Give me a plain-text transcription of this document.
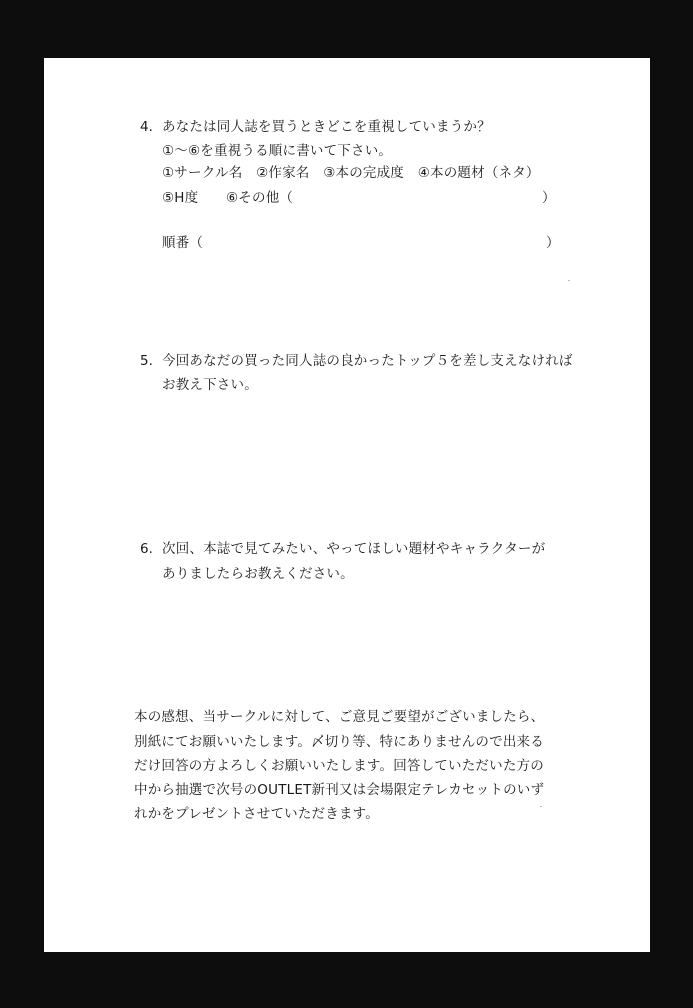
4. あなたは同人誌を買うときどこを重視していまうか？
①〜⑥を重視うる順に書いて下さい。
①サークル名　②作家名　③本の完成度　④本の題材（ネタ）
⑤H度 ⑥その他（	）
順番（	）
5. 今回あなだの買った同人誌の良かったトップ５を差し支えなければ
お教え下さい。
6. 次回、本誌で見てみたい、やってほしい題材やキャラクターが
ありましたらお教えください。
本の感想、当サークルに対して、ご意見ご要望がございましたら、
別紙にてお願いいたします。〆切り等、特にありませんので出来る
だけ回答の方よろしくお願いいたします。回答していただいた方の
中から抽選で次号のOUTLET新刊又は会場限定テレカセットのいず
れかをプレゼントさせていただきます。
